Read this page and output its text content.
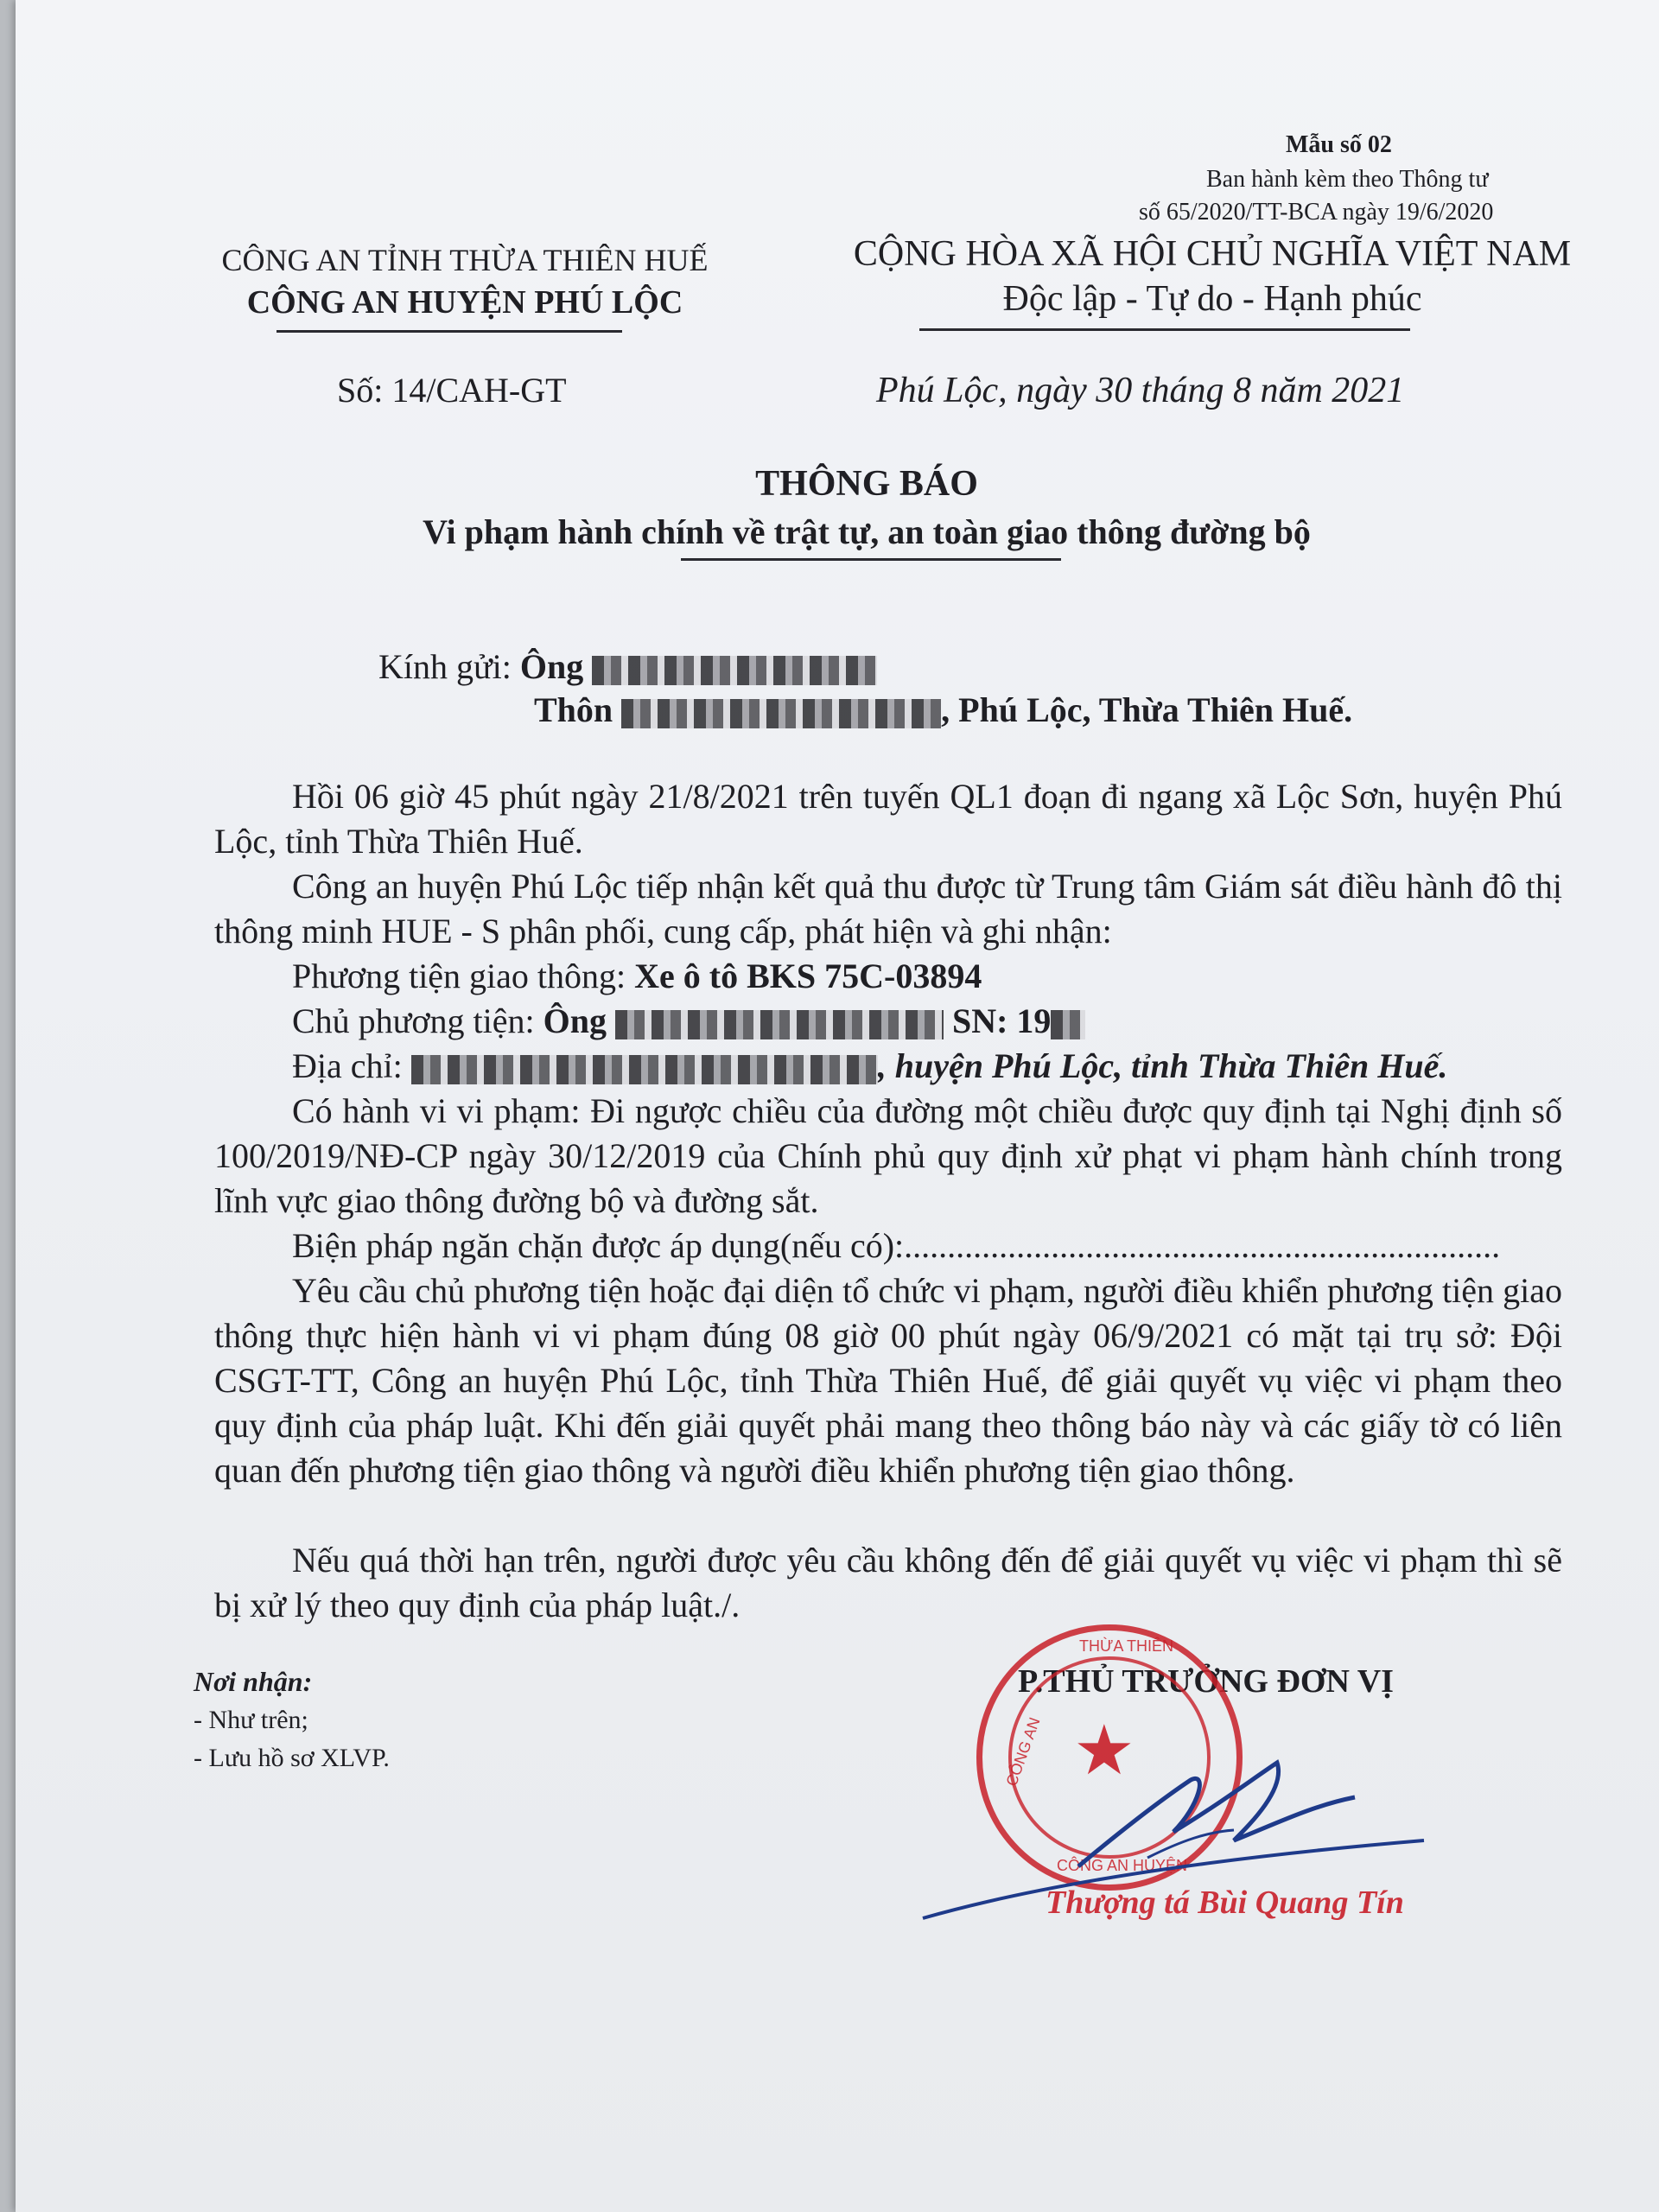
Mẫu số 02
Ban hành kèm theo Thông tư
số 65/2020/TT-BCA ngày 19/6/2020
CÔNG AN TỈNH THỪA THIÊN HUẾ
CÔNG AN HUYỆN PHÚ LỘC
Số: 14/CAH-GT
CỘNG HÒA XÃ HỘI CHỦ NGHĨA VIỆT NAM
Độc lập - Tự do - Hạnh phúc
Phú Lộc, ngày 30 tháng 8 năm 2021
THÔNG BÁO
Vi phạm hành chính về trật tự, an toàn giao thông đường bộ
Kính gửi: Ông
Thôn	, Phú Lộc, Thừa Thiên Huế.
Hồi 06 giờ 45 phút ngày 21/8/2021 trên tuyến QL1 đoạn đi ngang xã Lộc Sơn, huyện Phú Lộc, tỉnh Thừa Thiên Huế.
Công an huyện Phú Lộc tiếp nhận kết quả thu được từ Trung tâm Giám sát điều hành đô thị thông minh HUE - S phân phối, cung cấp, phát hiện và ghi nhận:
Phương tiện giao thông: Xe ô tô BKS 75C-03894
Chủ phương tiện: Ông	SN: 19
Địa chỉ:	, huyện Phú Lộc, tỉnh Thừa Thiên Huế.
Có hành vi vi phạm: Đi ngược chiều của đường một chiều được quy định tại Nghị định số 100/2019/NĐ-CP ngày 30/12/2019 của Chính phủ quy định xử phạt vi phạm hành chính trong lĩnh vực giao thông đường bộ và đường sắt.
Biện pháp ngăn chặn được áp dụng(nếu có):.....................................................................
Yêu cầu chủ phương tiện hoặc đại diện tổ chức vi phạm, người điều khiển phương tiện giao thông thực hiện hành vi vi phạm đúng 08 giờ 00 phút ngày 06/9/2021 có mặt tại trụ sở: Đội CSGT-TT, Công an huyện Phú Lộc, tỉnh Thừa Thiên Huế, để giải quyết vụ việc vi phạm theo quy định của pháp luật. Khi đến giải quyết phải mang theo thông báo này và các giấy tờ có liên quan đến phương tiện giao thông và người điều khiển phương tiện giao thông.
Nếu quá thời hạn trên, người được yêu cầu không đến để giải quyết vụ việc vi phạm thì sẽ bị xử lý theo quy định của pháp luật./.
Nơi nhận:
- Như trên;
- Lưu hồ sơ XLVP.
P.THỦ TRƯỞNG ĐƠN VỊ
★
THỪA THIÊN
CÔNG AN
CÔNG AN HUYỆN
Thượng tá Bùi Quang Tín
